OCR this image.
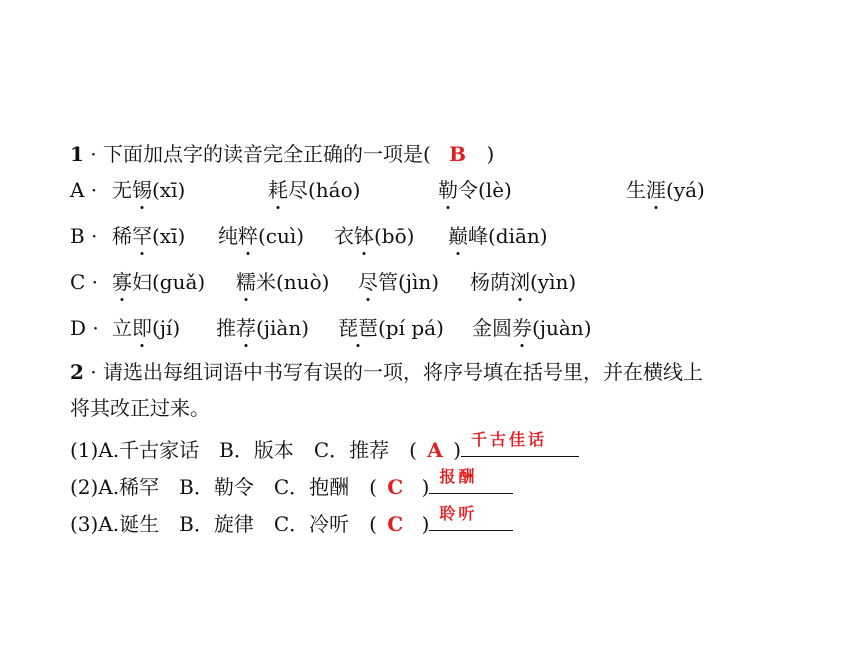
1 · 下面加点字的读音完全正确的一项是( B )
A · 无锡(xī)	耗尽(háo)	勒令(lè)	生涯(yá)
B · 稀罕(xī) 纯粹(cuì) 衣钵(bō) 巅峰(diān)
C · 寡妇(guǎ) 糯米(nuò) 尽管(jìn) 杨荫浏(yìn)
D · 立即(jí) 推荐(jiàn) 琵琶(pí pá) 金圆券(juàn)
2 · 请选出每组词语中书写有误的一项，将序号填在括号里，并在横线上
将其改正过来。
(1)A.千古家话　B．版本　C．推荐　( A ) 千古佳话
(2)A.稀罕　B．勒令　C．抱酬　( C ) 报酬
(3)A.诞生　B．旋律　C．冷听　( C ) 聆听
